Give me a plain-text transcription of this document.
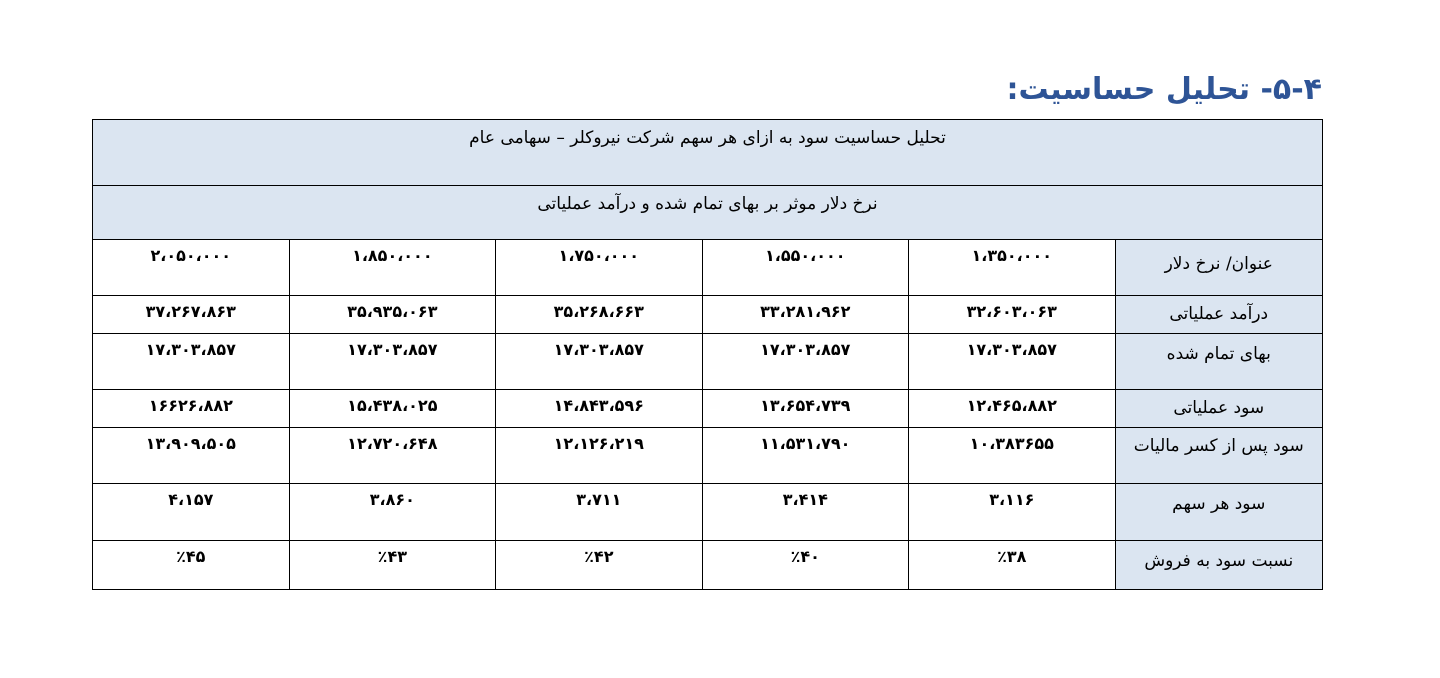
۵-۴- تحلیل حساسیت:
تحلیل حساسیت سود به ازای هر سهم شرکت نیروکلر – سهامی عام					
نرخ دلار موثر بر بهای تمام شده و درآمد عملیاتی					
عنوان/ نرخ دلار	۱،۳۵۰،۰۰۰	۱،۵۵۰،۰۰۰	۱،۷۵۰،۰۰۰	۱،۸۵۰،۰۰۰	۲،۰۵۰،۰۰۰
درآمد عملیاتی	۳۲،۶۰۳،۰۶۳	۳۳،۲۸۱،۹۶۲	۳۵،۲۶۸،۶۶۳	۳۵،۹۳۵،۰۶۳	۳۷،۲۶۷،۸۶۳
بهای تمام شده	۱۷،۳۰۳،۸۵۷	۱۷،۳۰۳،۸۵۷	۱۷،۳۰۳،۸۵۷	۱۷،۳۰۳،۸۵۷	۱۷،۳۰۳،۸۵۷
سود عملیاتی	۱۲،۴۶۵،۸۸۲	۱۳،۶۵۴،۷۳۹	۱۴،۸۴۳،۵۹۶	۱۵،۴۳۸،۰۲۵	۱۶۶۲۶،۸۸۲
سود پس از کسر مالیات	۱۰،۳۸۳۶۵۵	۱۱،۵۳۱،۷۹۰	۱۲،۱۲۶،۲۱۹	۱۲،۷۲۰،۶۴۸	۱۳،۹۰۹،۵۰۵
سود هر سهم	۳،۱۱۶	۳،۴۱۴	۳،۷۱۱	۳،۸۶۰	۴،۱۵۷
نسبت سود به فروش	٪۳۸	٪۴۰	٪۴۲	٪۴۳	٪۴۵
